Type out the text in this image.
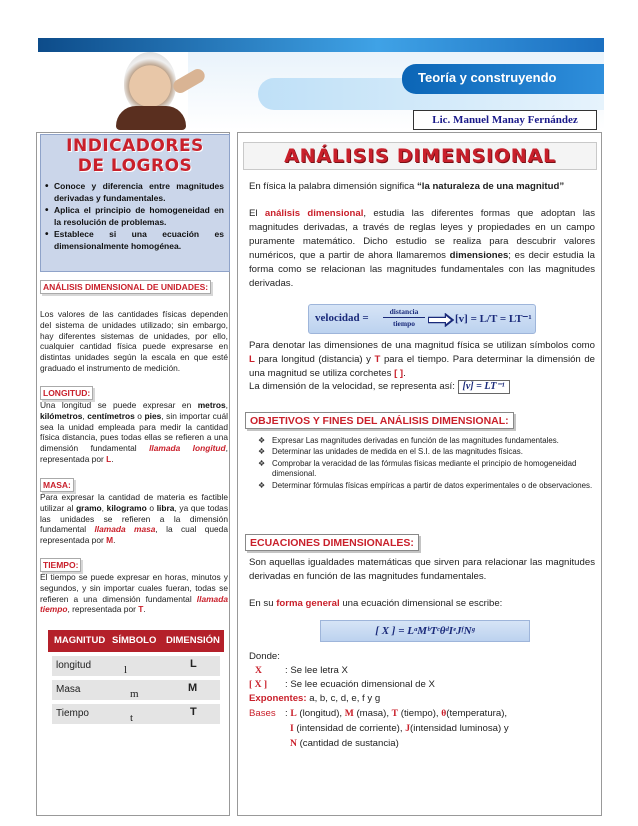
Teoría y construyendo
Lic. Manuel Manay Fernández
INDICADORES
DE LOGROS
• Conoce y diferencia entre magnitudes derivadas y fundamentales.
• Aplica el principio de homogeneidad en la resolución de problemas.
• Establece si una ecuación es dimensionalmente homogénea.
ANÁLISIS DIMENSIONAL DE UNIDADES:

Los valores de las cantidades físicas dependen del sistema de unidades utilizado; sin embargo, hay diferentes sistemas de unidades, por ello, cualquier cantidad física puede expresarse en distintas unidades según la escala en que esté graduado el instrumento de medición.

LONGITUD:

Una longitud se puede expresar en metros, kilómetros, centímetros o pies, sin importar cuál sea la unidad empleada para medir la cantidad física distancia, pues todas ellas se refieren a una dimensión fundamental llamada longitud, representada por L.

MASA:

Para expresar la cantidad de materia es factible utilizar al gramo, kilogramo o libra, ya que todas las unidades se refieren a la dimensión fundamental llamada masa, la cual queda representada por M.

TIEMPO:

El tiempo se puede expresar en horas, minutos y segundos, y sin importar cuales fueran, todas se refieren a una dimensión fundamental llamada tiempo, representada por T.

MAGNITUD SÍMBOLO DIMENSIÓN
longitud	l	L
Masa	m	M
Tiempo	t	T
ANÁLISIS DIMENSIONAL

En física la palabra dimensión significa “la naturaleza de una magnitud”

El análisis dimensional, estudia las diferentes formas que adoptan las magnitudes derivadas, a través de reglas leyes y propiedades en un campo puramente matemático. Dicho estudio se realiza para descubrir valores numéricos, que a partir de ahora llamaremos dimensiones; es decir estudia la forma como se relacionan las magnitudes fundamentales con las magnitudes derivadas.

velocidad =
distancia
tiempo	[v] = L/T = LT⁻¹

Para denotar las dimensiones de una magnitud física se utilizan símbolos como L para longitud (distancia) y T para el tiempo. Para determinar la dimensión de una magnitud se utiliza corchetes [ ].

La dimensión de la velocidad, se representa así: [v] = LT⁻¹

OBJETIVOS Y FINES DEL ANÁLISIS DIMENSIONAL:
❖ Expresar Las magnitudes derivadas en función de las magnitudes fundamentales.
❖ Determinar las unidades de medida en el S.I. de las magnitudes físicas.
❖ Comprobar la veracidad de las fórmulas físicas mediante el principio de homogeneidad dimensional.
❖ Determinar fórmulas físicas empíricas a partir de datos experimentales o de observaciones.
ECUACIONES DIMENSIONALES:

Son aquellas igualdades matemáticas que sirven para relacionar las magnitudes derivadas en función de las magnitudes fundamentales.

En su forma general una ecuación dimensional se escribe:

[ X ] = LᵃMᵇTᶜθᵈIᵉJᶠNᵍ
Donde:
X : Se lee letra X
[ X ] : Se lee ecuación dimensional de X
Exponentes: a, b, c, d, e, f y g
Bases : L (longitud), M (masa), T (tiempo), θ(temperatura),
I (intensidad de corriente), J(intensidad luminosa) y
N (cantidad de sustancia)
